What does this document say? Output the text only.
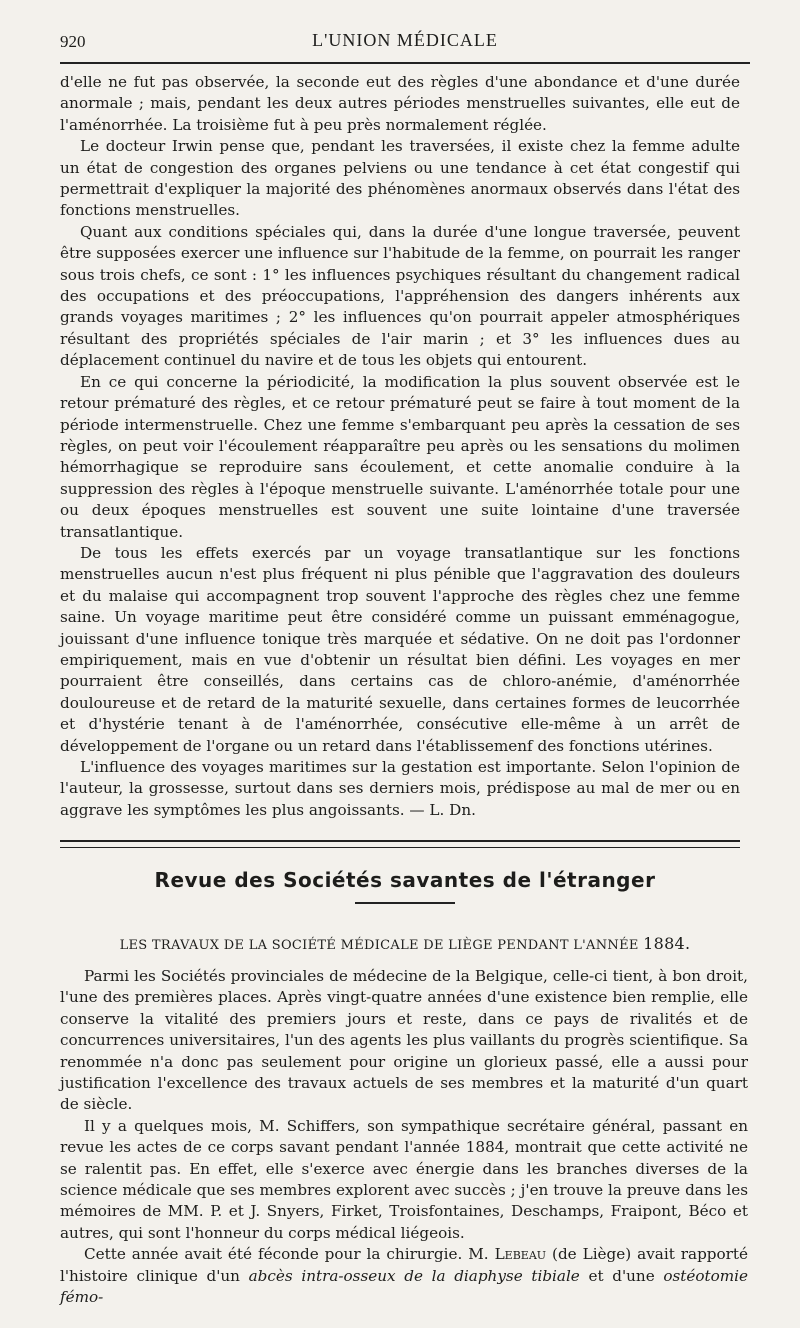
920	L'UNION MÉDICALE

d'elle ne fut pas observée, la seconde eut des règles d'une abondance et d'une durée anormale ; mais, pendant les deux autres périodes menstruelles suivantes, elle eut de l'aménorrhée. La troisième fut à peu près normalement réglée.

Le docteur Irwin pense que, pendant les traversées, il existe chez la femme adulte un état de congestion des organes pelviens ou une tendance à cet état congestif qui permettrait d'expliquer la majorité des phénomènes anormaux observés dans l'état des fonctions menstruelles.

Quant aux conditions spéciales qui, dans la durée d'une longue traversée, peuvent être supposées exercer une influence sur l'habitude de la femme, on pourrait les ranger sous trois chefs, ce sont : 1° les influences psychiques résultant du changement radical des occupations et des préoccupations, l'appréhension des dangers inhérents aux grands voyages maritimes ; 2° les influences qu'on pourrait appeler atmosphériques résultant des propriétés spéciales de l'air marin ; et 3° les influences dues au déplacement continuel du navire et de tous les objets qui entourent.

En ce qui concerne la périodicité, la modification la plus souvent observée est le retour prématuré des règles, et ce retour prématuré peut se faire à tout moment de la période intermenstruelle. Chez une femme s'embarquant peu après la cessation de ses règles, on peut voir l'écoulement réapparaître peu après ou les sensations du molimen hémorrhagique se reproduire sans écoulement, et cette anomalie conduire à la suppression des règles à l'époque menstruelle suivante. L'aménorrhée totale pour une ou deux époques menstruelles est souvent une suite lointaine d'une traversée transatlantique.

De tous les effets exercés par un voyage transatlantique sur les fonctions menstruelles aucun n'est plus fréquent ni plus pénible que l'aggravation des douleurs et du malaise qui accompagnent trop souvent l'approche des règles chez une femme saine. Un voyage maritime peut être considéré comme un puissant emménagogue, jouissant d'une influence tonique très marquée et sédative. On ne doit pas l'ordonner empiriquement, mais en vue d'obtenir un résultat bien défini. Les voyages en mer pourraient être conseillés, dans certains cas de chloro-anémie, d'aménorrhée douloureuse et de retard de la maturité sexuelle, dans certaines formes de leucorrhée et d'hystérie tenant à de l'aménorrhée, consécutive elle-même à un arrêt de développement de l'organe ou un retard dans l'établissemenf des fonctions utérines.

L'influence des voyages maritimes sur la gestation est importante. Selon l'opinion de l'auteur, la grossesse, surtout dans ses derniers mois, prédispose au mal de mer ou en aggrave les symptômes les plus angoissants. — L. Dn.

Revue des Sociétés savantes de l'étranger
LES TRAVAUX DE LA SOCIÉTÉ MÉDICALE DE LIÈGE PENDANT L'ANNÉE 1884.

Parmi les Sociétés provinciales de médecine de la Belgique, celle-ci tient, à bon droit, l'une des premières places. Après vingt-quatre années d'une existence bien remplie, elle conserve la vitalité des premiers jours et reste, dans ce pays de rivalités et de concurrences universitaires, l'un des agents les plus vaillants du progrès scientifique. Sa renommée n'a donc pas seulement pour origine un glorieux passé, elle a aussi pour justification l'excellence des travaux actuels de ses membres et la maturité d'un quart de siècle.

Il y a quelques mois, M. Schiffers, son sympathique secrétaire général, passant en revue les actes de ce corps savant pendant l'année 1884, montrait que cette activité ne se ralentit pas. En effet, elle s'exerce avec énergie dans les branches diverses de la science médicale que ses membres explorent avec succès ; j'en trouve la preuve dans les mémoires de MM. P. et J. Snyers, Firket, Troisfontaines, Deschamps, Fraipont, Béco et autres, qui sont l'honneur du corps médical liégeois.

Cette année avait été féconde pour la chirurgie. M. Lebeau (de Liège) avait rapporté l'histoire clinique d'un abcès intra-osseux de la diaphyse tibiale et d'une ostéotomie fémo-
